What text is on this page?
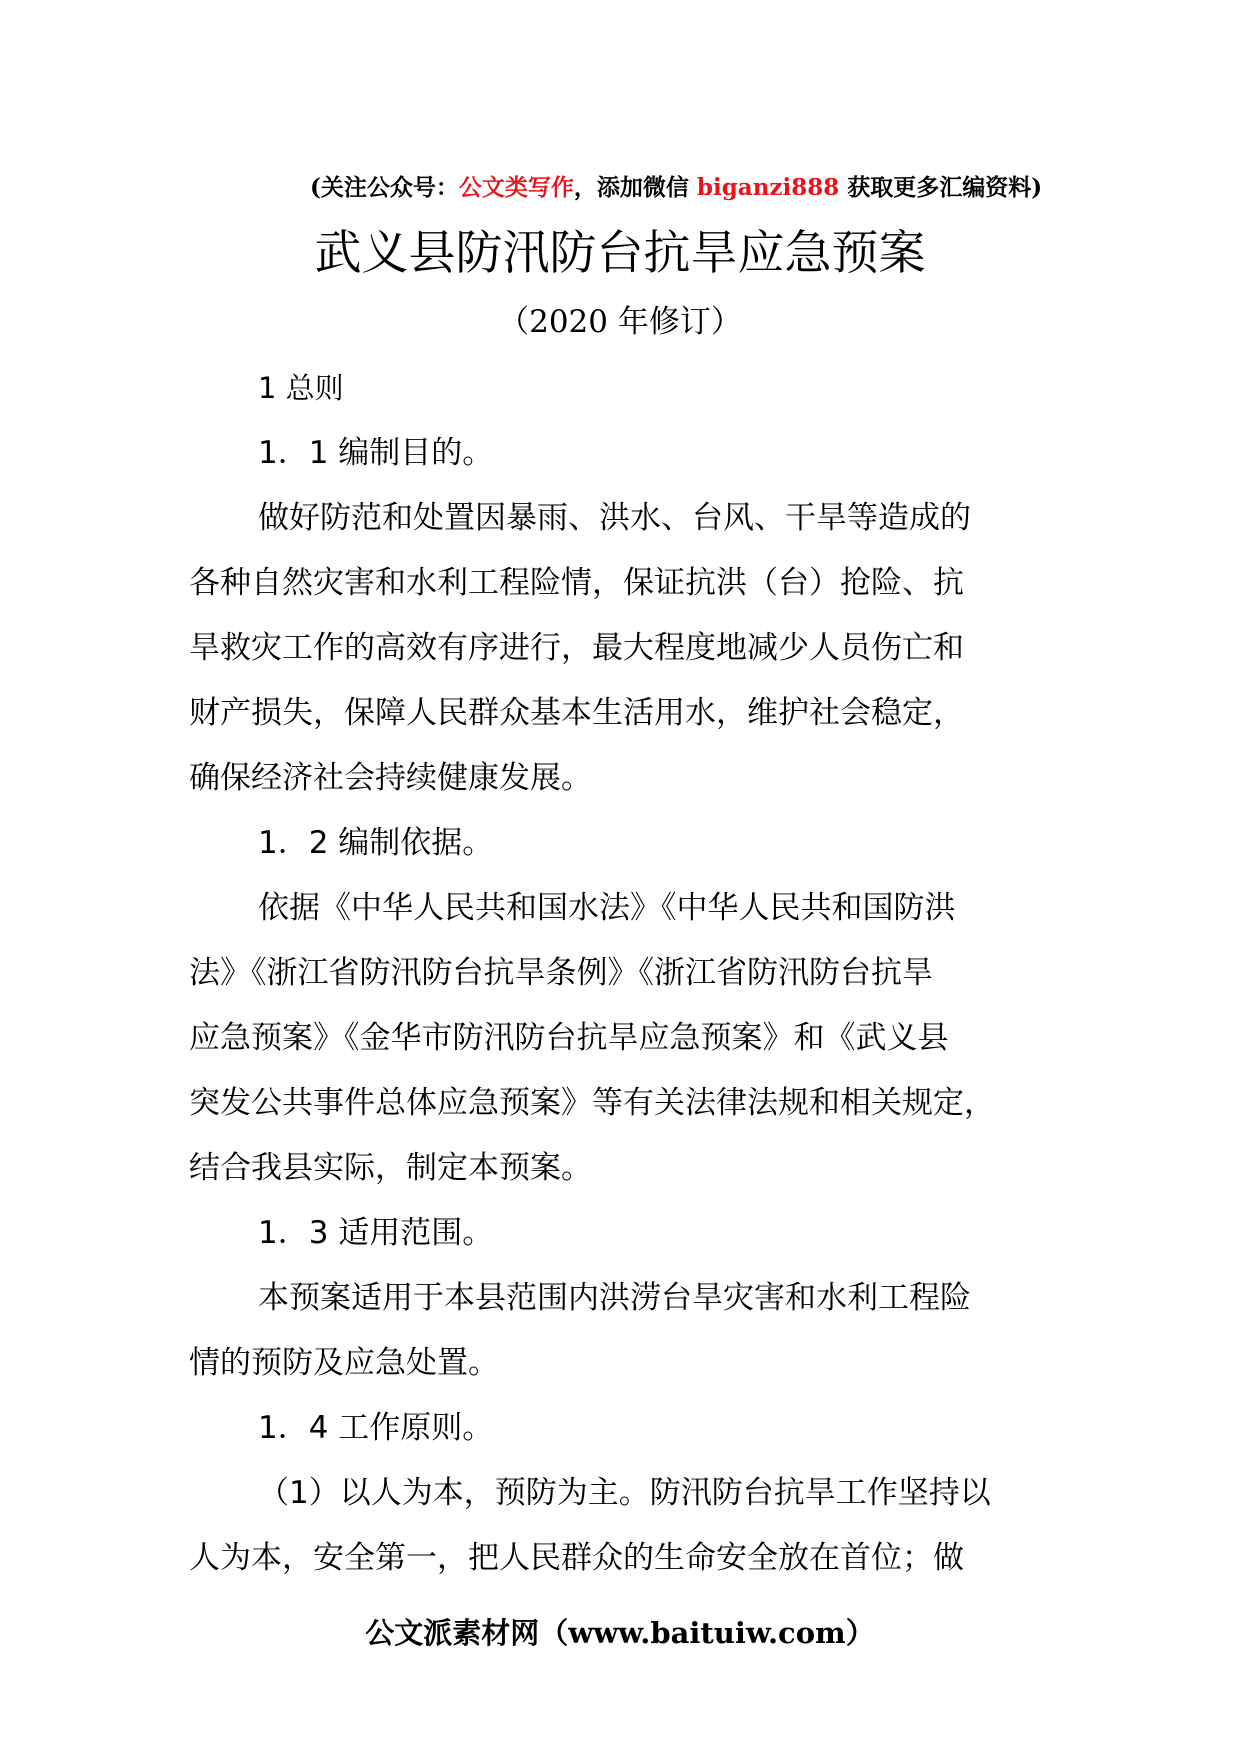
(关注公众号：公文类写作，添加微信 biganzi888 获取更多汇编资料)
武义县防汛防台抗旱应急预案
（2020 年修订）
1 总则
1．1 编制目的。
做好防范和处置因暴雨、洪水、台风、干旱等造成的
各种自然灾害和水利工程险情，保证抗洪（台）抢险、抗
旱救灾工作的高效有序进行，最大程度地减少人员伤亡和
财产损失，保障人民群众基本生活用水，维护社会稳定，
确保经济社会持续健康发展。
1．2 编制依据。
依据《中华人民共和国水法》《中华人民共和国防洪
法》《浙江省防汛防台抗旱条例》《浙江省防汛防台抗旱
应急预案》《金华市防汛防台抗旱应急预案》和《武义县
突发公共事件总体应急预案》等有关法律法规和相关规定，
结合我县实际，制定本预案。
1．3 适用范围。
本预案适用于本县范围内洪涝台旱灾害和水利工程险
情的预防及应急处置。
1．4 工作原则。
（1）以人为本，预防为主。防汛防台抗旱工作坚持以
人为本，安全第一，把人民群众的生命安全放在首位；做
公文派素材网（www.baituiw.com）
